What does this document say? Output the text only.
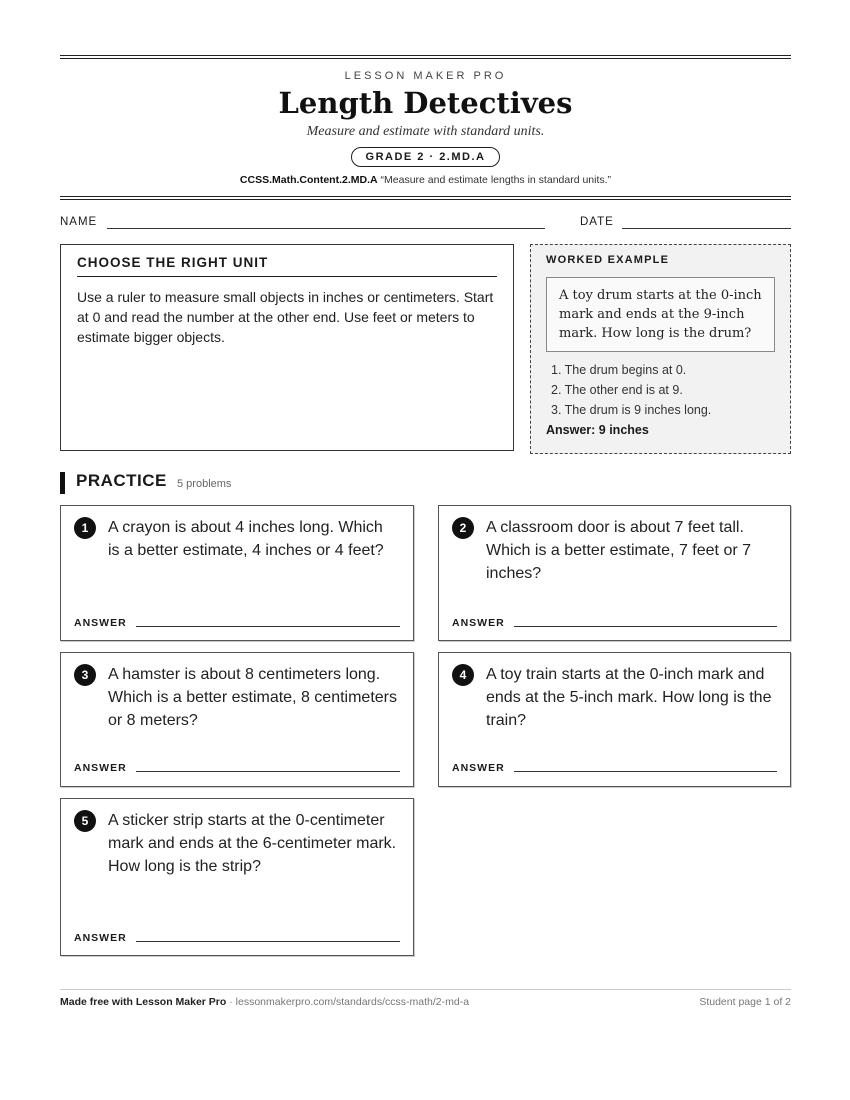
LESSON MAKER PRO
Length Detectives
Measure and estimate with standard units.
GRADE 2 · 2.MD.A
CCSS.Math.Content.2.MD.A “Measure and estimate lengths in standard units.”
NAME	DATE
CHOOSE THE RIGHT UNIT
Use a ruler to measure small objects in inches or centimeters. Start at 0 and read the number at the other end. Use feet or meters to estimate bigger objects.
WORKED EXAMPLE
A toy drum starts at the 0-inch mark and ends at the 9-inch mark. How long is the drum?
1. The drum begins at 0.
2. The other end is at 9.
3. The drum is 9 inches long.
Answer: 9 inches
PRACTICE 5 problems
1	A crayon is about 4 inches long. Which is a better estimate, 4 inches or 4 feet?
ANSWER
2	A classroom door is about 7 feet tall. Which is a better estimate, 7 feet or 7 inches?
ANSWER
3	A hamster is about 8 centimeters long. Which is a better estimate, 8 centimeters or 8 meters?
ANSWER
4	A toy train starts at the 0-inch mark and ends at the 5-inch mark. How long is the train?
ANSWER
5	A sticker strip starts at the 0-centimeter mark and ends at the 6-centimeter mark. How long is the strip?
ANSWER
Made free with Lesson Maker Pro · lessonmakerpro.com/standards/ccss-math/2-md-a	Student page 1 of 2
